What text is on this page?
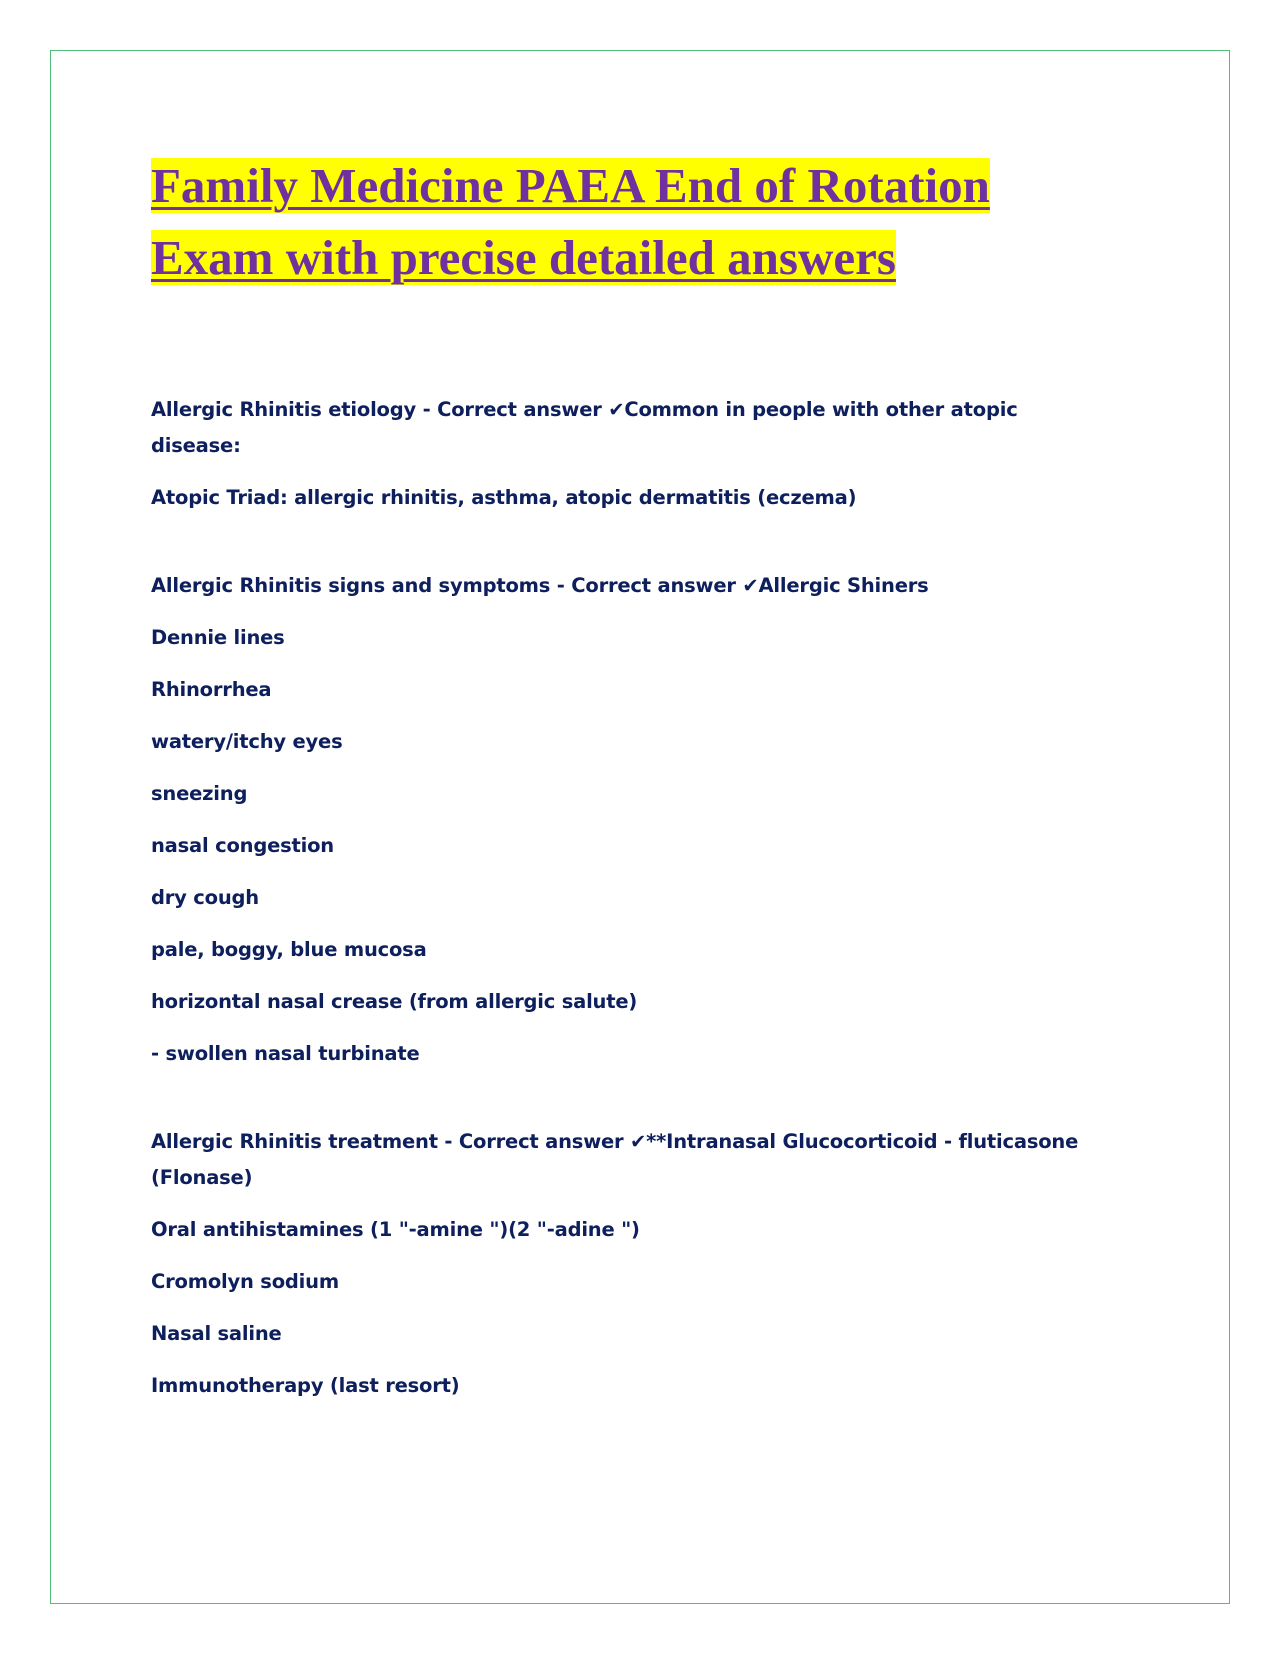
Family Medicine PAEA End of Rotation
Exam with precise detailed answers

Allergic Rhinitis etiology - Correct answer ✔Common in people with other atopic disease:

Atopic Triad: allergic rhinitis, asthma, atopic dermatitis (eczema)

Allergic Rhinitis signs and symptoms - Correct answer ✔Allergic Shiners

Dennie lines

Rhinorrhea

watery/itchy eyes

sneezing

nasal congestion

dry cough

pale, boggy, blue mucosa

horizontal nasal crease (from allergic salute)

- swollen nasal turbinate

Allergic Rhinitis treatment - Correct answer ✔**Intranasal Glucocorticoid - fluticasone (Flonase)

Oral antihistamines (1 "-amine ")(2 "-adine ")

Cromolyn sodium

Nasal saline

Immunotherapy (last resort)
